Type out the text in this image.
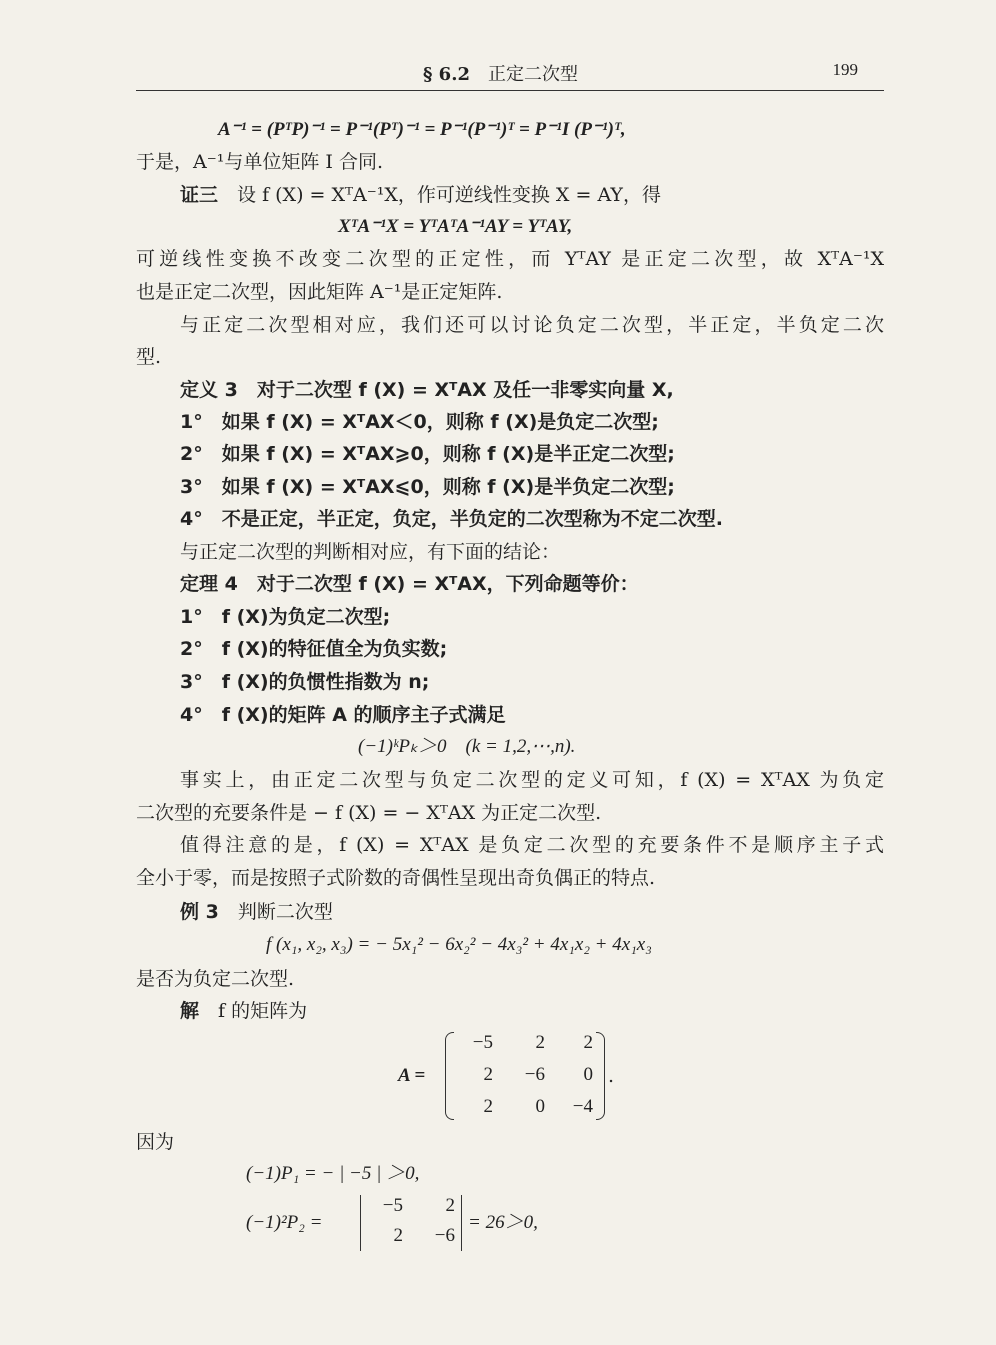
§ 6.2 正定二次型	199
A⁻¹ = (PᵀP)⁻¹ = P⁻¹(Pᵀ)⁻¹ = P⁻¹(P⁻¹)ᵀ = P⁻¹I (P⁻¹)ᵀ,
于是，A⁻¹与单位矩阵 I 合同.
证三　 设 f (X) = XᵀA⁻¹X，作可逆线性变换 X = AY，得
XᵀA⁻¹X = YᵀAᵀA⁻¹AY = YᵀAY,
可逆线性变换不改变二次型的正定性，而 YᵀAY 是正定二次型，故 XᵀA⁻¹X
也是正定二次型，因此矩阵 A⁻¹是正定矩阵.
与正定二次型相对应，我们还可以讨论负定二次型，半正定，半负定二次
型.
定义 3　对于二次型 f (X) = XᵀAX 及任一非零实向量 X,
1°　如果 f (X) = XᵀAX＜0，则称 f (X)是负定二次型;
2°　如果 f (X) = XᵀAX⩾0，则称 f (X)是半正定二次型;
3°　如果 f (X) = XᵀAX⩽0，则称 f (X)是半负定二次型;
4°　不是正定，半正定，负定，半负定的二次型称为不定二次型.
与正定二次型的判断相对应，有下面的结论：
定理 4　对于二次型 f (X) = XᵀAX，下列命题等价：
1°　f (X)为负定二次型;
2°　f (X)的特征值全为负实数;
3°　f (X)的负惯性指数为 n;
4°　f (X)的矩阵 A 的顺序主子式满足
(−1)ᵏPₖ＞0　(k = 1,2,⋯,n).
事实上，由正定二次型与负定二次型的定义可知，f (X) = XᵀAX 为负定
二次型的充要条件是 − f (X) = − XᵀAX 为正定二次型.
值得注意的是，f (X) = XᵀAX 是负定二次型的充要条件不是顺序主子式
全小于零，而是按照子式阶数的奇偶性呈现出奇负偶正的特点.
例 3　 判断二次型
f (x₁, x₂, x₃) = − 5x₁² − 6x₂² − 4x₃² + 4x₁x₂ + 4x₁x₃
是否为负定二次型.
解　 f 的矩阵为
A =
−5	2	2
2	−6	0
2	0	−4
.
因为
(−1)P₁ = − | −5 | ＞0,
(−1)²P₂ =
−5	2
2	−6
= 26＞0,
